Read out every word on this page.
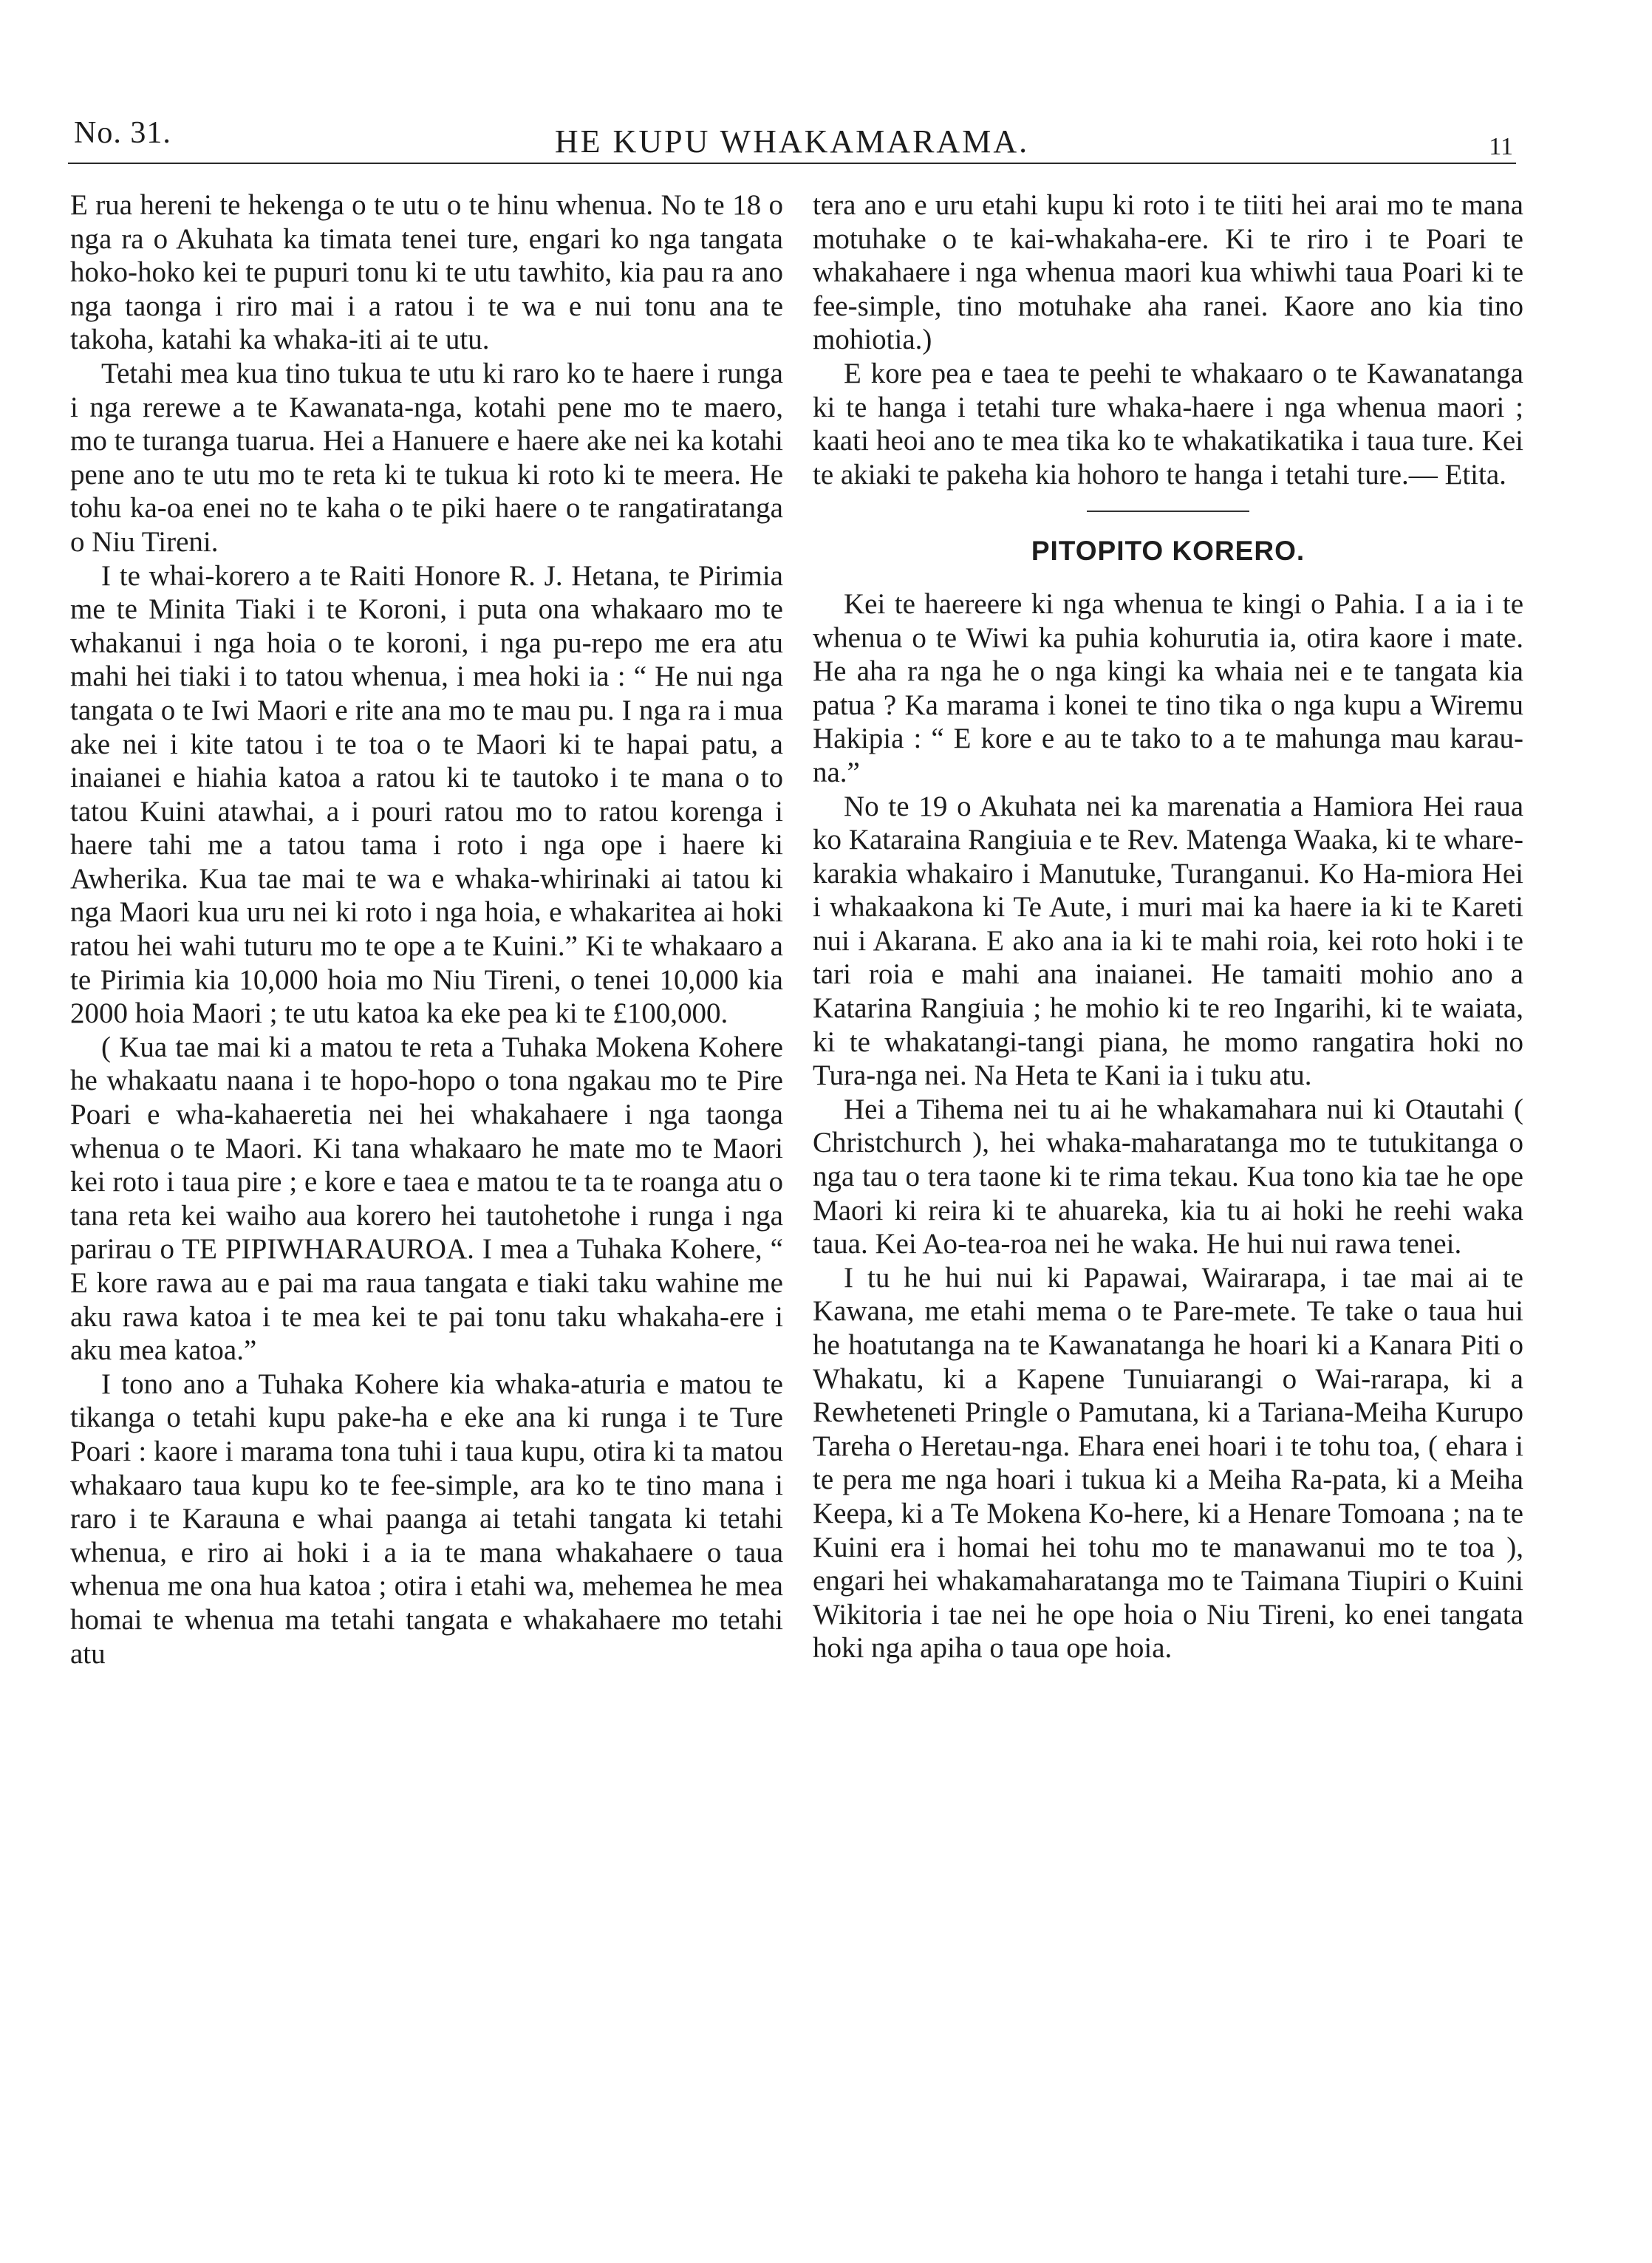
No. 31.	HE KUPU WHAKAMARAMA.	11

E rua hereni te hekenga o te utu o te hinu whenua. No te 18 o nga ra o Akuhata ka timata tenei ture, engari ko nga tangata hoko-hoko kei te pupuri tonu ki te utu tawhito, kia pau ra ano nga taonga i riro mai i a ratou i te wa e nui tonu ana te takoha, katahi ka whaka-iti ai te utu.

Tetahi mea kua tino tukua te utu ki raro ko te haere i runga i nga rerewe a te Kawanata-nga, kotahi pene mo te maero, mo te turanga tuarua. Hei a Hanuere e haere ake nei ka kotahi pene ano te utu mo te reta ki te tukua ki roto ki te meera. He tohu ka-oa enei no te kaha o te piki haere o te rangatiratanga o Niu Tireni.

I te whai-korero a te Raiti Honore R. J. Hetana, te Pirimia me te Minita Tiaki i te Koroni, i puta ona whakaaro mo te whakanui i nga hoia o te koroni, i nga pu-repo me era atu mahi hei tiaki i to tatou whenua, i mea hoki ia : “ He nui nga tangata o te Iwi Maori e rite ana mo te mau pu. I nga ra i mua ake nei i kite tatou i te toa o te Maori ki te hapai patu, a inaianei e hiahia katoa a ratou ki te tautoko i te mana o to tatou Kuini atawhai, a i pouri ratou mo to ratou korenga i haere tahi me a tatou tama i roto i nga ope i haere ki Awherika. Kua tae mai te wa e whaka-whirinaki ai tatou ki nga Maori kua uru nei ki roto i nga hoia, e whakaritea ai hoki ratou hei wahi tuturu mo te ope a te Kuini.” Ki te whakaaro a te Pirimia kia 10,000 hoia mo Niu Tireni, o tenei 10,000 kia 2000 hoia Maori ; te utu katoa ka eke pea ki te £100,000.

( Kua tae mai ki a matou te reta a Tuhaka Mokena Kohere he whakaatu naana i te hopo-hopo o tona ngakau mo te Pire Poari e wha-kahaeretia nei hei whakahaere i nga taonga whenua o te Maori. Ki tana whakaaro he mate mo te Maori kei roto i taua pire ; e kore e taea e matou te ta te roanga atu o tana reta kei waiho aua korero hei tautohetohe i runga i nga parirau o TE PIPIWHARAUROA. I mea a Tuhaka Kohere, “ E kore rawa au e pai ma raua tangata e tiaki taku wahine me aku rawa katoa i te mea kei te pai tonu taku whakaha-ere i aku mea katoa.”

I tono ano a Tuhaka Kohere kia whaka-aturia e matou te tikanga o tetahi kupu pake-ha e eke ana ki runga i te Ture Poari : kaore i marama tona tuhi i taua kupu, otira ki ta matou whakaaro taua kupu ko te fee-simple, ara ko te tino mana i raro i te Karauna e whai paanga ai tetahi tangata ki tetahi whenua, e riro ai hoki i a ia te mana whakahaere o taua whenua me ona hua katoa ; otira i etahi wa, mehemea he mea homai te whenua ma tetahi tangata e whakahaere mo tetahi atu

tera ano e uru etahi kupu ki roto i te tiiti hei arai mo te mana motuhake o te kai-whakaha-ere. Ki te riro i te Poari te whakahaere i nga whenua maori kua whiwhi taua Poari ki te fee-simple, tino motuhake aha ranei. Kaore ano kia tino mohiotia.)

E kore pea e taea te peehi te whakaaro o te Kawanatanga ki te hanga i tetahi ture whaka-haere i nga whenua maori ; kaati heoi ano te mea tika ko te whakatikatika i taua ture. Kei te akiaki te pakeha kia hohoro te hanga i tetahi ture.— Etita.

PITOPITO KORERO.

Kei te haereere ki nga whenua te kingi o Pahia. I a ia i te whenua o te Wiwi ka puhia kohurutia ia, otira kaore i mate. He aha ra nga he o nga kingi ka whaia nei e te tangata kia patua ? Ka marama i konei te tino tika o nga kupu a Wiremu Hakipia : “ E kore e au te tako to a te mahunga mau karau-na.”

No te 19 o Akuhata nei ka marenatia a Hamiora Hei raua ko Kataraina Rangiuia e te Rev. Matenga Waaka, ki te whare-karakia whakairo i Manutuke, Turanganui. Ko Ha-miora Hei i whakaakona ki Te Aute, i muri mai ka haere ia ki te Kareti nui i Akarana. E ako ana ia ki te mahi roia, kei roto hoki i te tari roia e mahi ana inaianei. He tamaiti mohio ano a Katarina Rangiuia ; he mohio ki te reo Ingarihi, ki te waiata, ki te whakatangi-tangi piana, he momo rangatira hoki no Tura-nga nei. Na Heta te Kani ia i tuku atu.

Hei a Tihema nei tu ai he whakamahara nui ki Otautahi ( Christchurch ), hei whaka-maharatanga mo te tutukitanga o nga tau o tera taone ki te rima tekau. Kua tono kia tae he ope Maori ki reira ki te ahuareka, kia tu ai hoki he reehi waka taua. Kei Ao-tea-roa nei he waka. He hui nui rawa tenei.

I tu he hui nui ki Papawai, Wairarapa, i tae mai ai te Kawana, me etahi mema o te Pare-mete. Te take o taua hui he hoatutanga na te Kawanatanga he hoari ki a Kanara Piti o Whakatu, ki a Kapene Tunuiarangi o Wai-rarapa, ki a Rewheteneti Pringle o Pamutana, ki a Tariana-Meiha Kurupo Tareha o Heretau-nga. Ehara enei hoari i te tohu toa, ( ehara i te pera me nga hoari i tukua ki a Meiha Ra-pata, ki a Meiha Keepa, ki a Te Mokena Ko-here, ki a Henare Tomoana ; na te Kuini era i homai hei tohu mo te manawanui mo te toa ), engari hei whakamaharatanga mo te Taimana Tiupiri o Kuini Wikitoria i tae nei he ope hoia o Niu Tireni, ko enei tangata hoki nga apiha o taua ope hoia.
